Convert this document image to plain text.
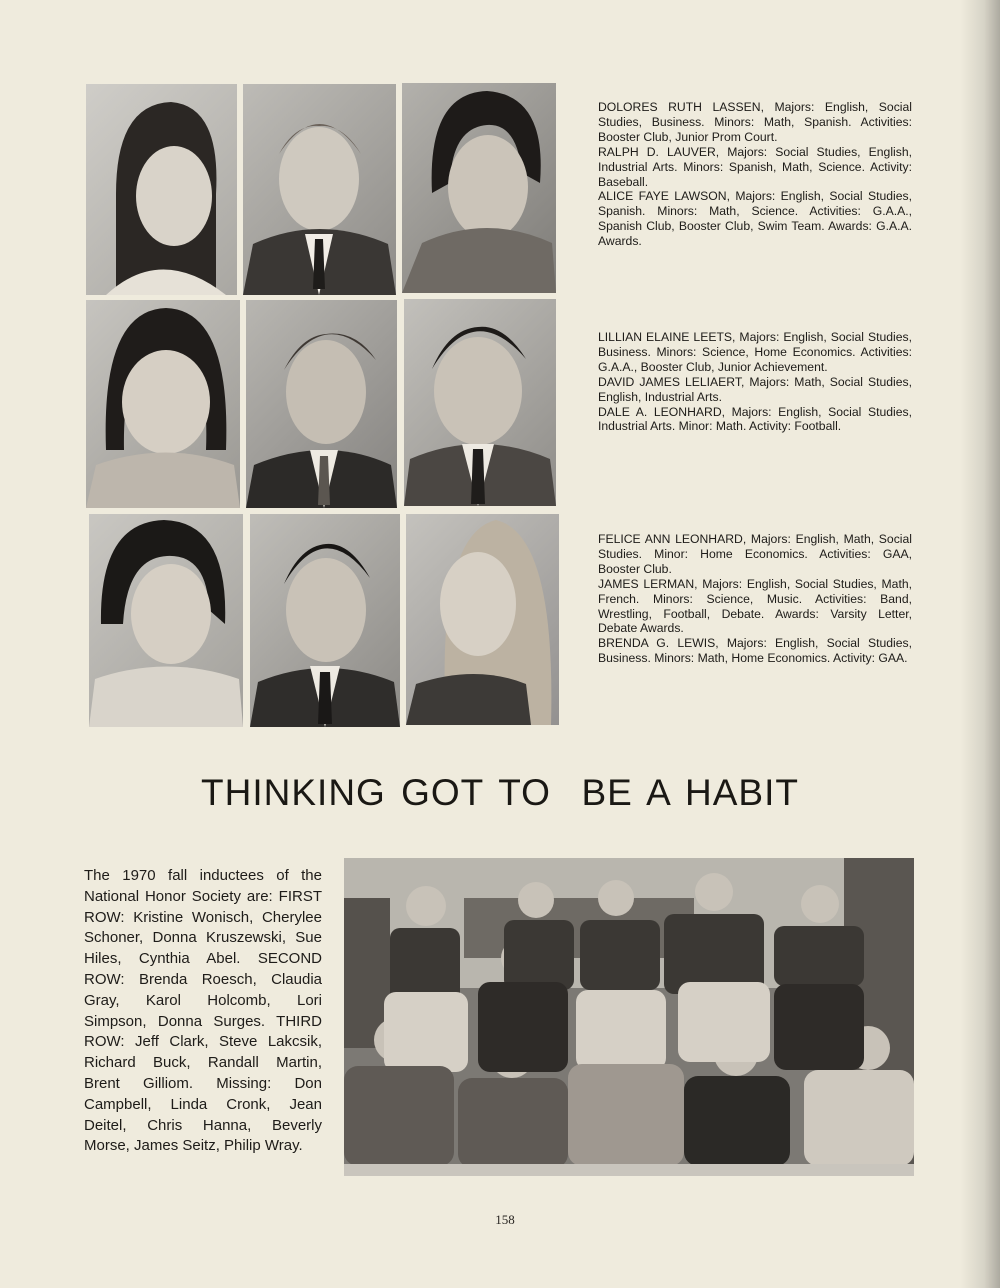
DOLORES RUTH LASSEN, Majors: English, Social Studies, Business. Minors: Math, Spanish. Activities: Booster Club, Junior Prom Court.

RALPH D. LAUVER, Majors: Social Studies, English, Industrial Arts. Minors: Spanish, Math, Science. Activity: Baseball.

ALICE FAYE LAWSON, Majors: English, Social Studies, Spanish. Minors: Math, Science. Activities: G.A.A., Spanish Club, Booster Club, Swim Team. Awards: G.A.A. Awards.

LILLIAN ELAINE LEETS, Majors: English, Social Studies, Business. Minors: Science, Home Economics. Activities: G.A.A., Booster Club, Junior Achievement.

DAVID JAMES LELIAERT, Majors: Math, Social Studies, English, Industrial Arts.

DALE A. LEONHARD, Majors: English, Social Studies, Industrial Arts. Minor: Math. Activity: Football.

FELICE ANN LEONHARD, Majors: English, Math, Social Studies. Minor: Home Economics. Activities: GAA, Booster Club.

JAMES LERMAN, Majors: English, Social Studies, Math, French. Minors: Science, Music. Activities: Band, Wrestling, Football, Debate. Awards: Varsity Letter, Debate Awards.

BRENDA G. LEWIS, Majors: English, Social Studies, Business. Minors: Math, Home Economics. Activity: GAA.

THINKING GOT TO  BE A HABIT
The 1970 fall inductees of the National Honor Society are: FIRST ROW: Kristine Wonisch, Cherylee Schoner, Donna Kruszewski, Sue Hiles, Cynthia Abel. SECOND ROW: Brenda Roesch, Claudia Gray, Karol Holcomb, Lori Simpson, Donna Surges. THIRD ROW: Jeff Clark, Steve Lakcsik, Richard Buck, Randall Martin, Brent Gilliom. Missing: Don Campbell, Linda Cronk, Jean Deitel, Chris Hanna, Beverly Morse, James Seitz, Philip Wray.
158
